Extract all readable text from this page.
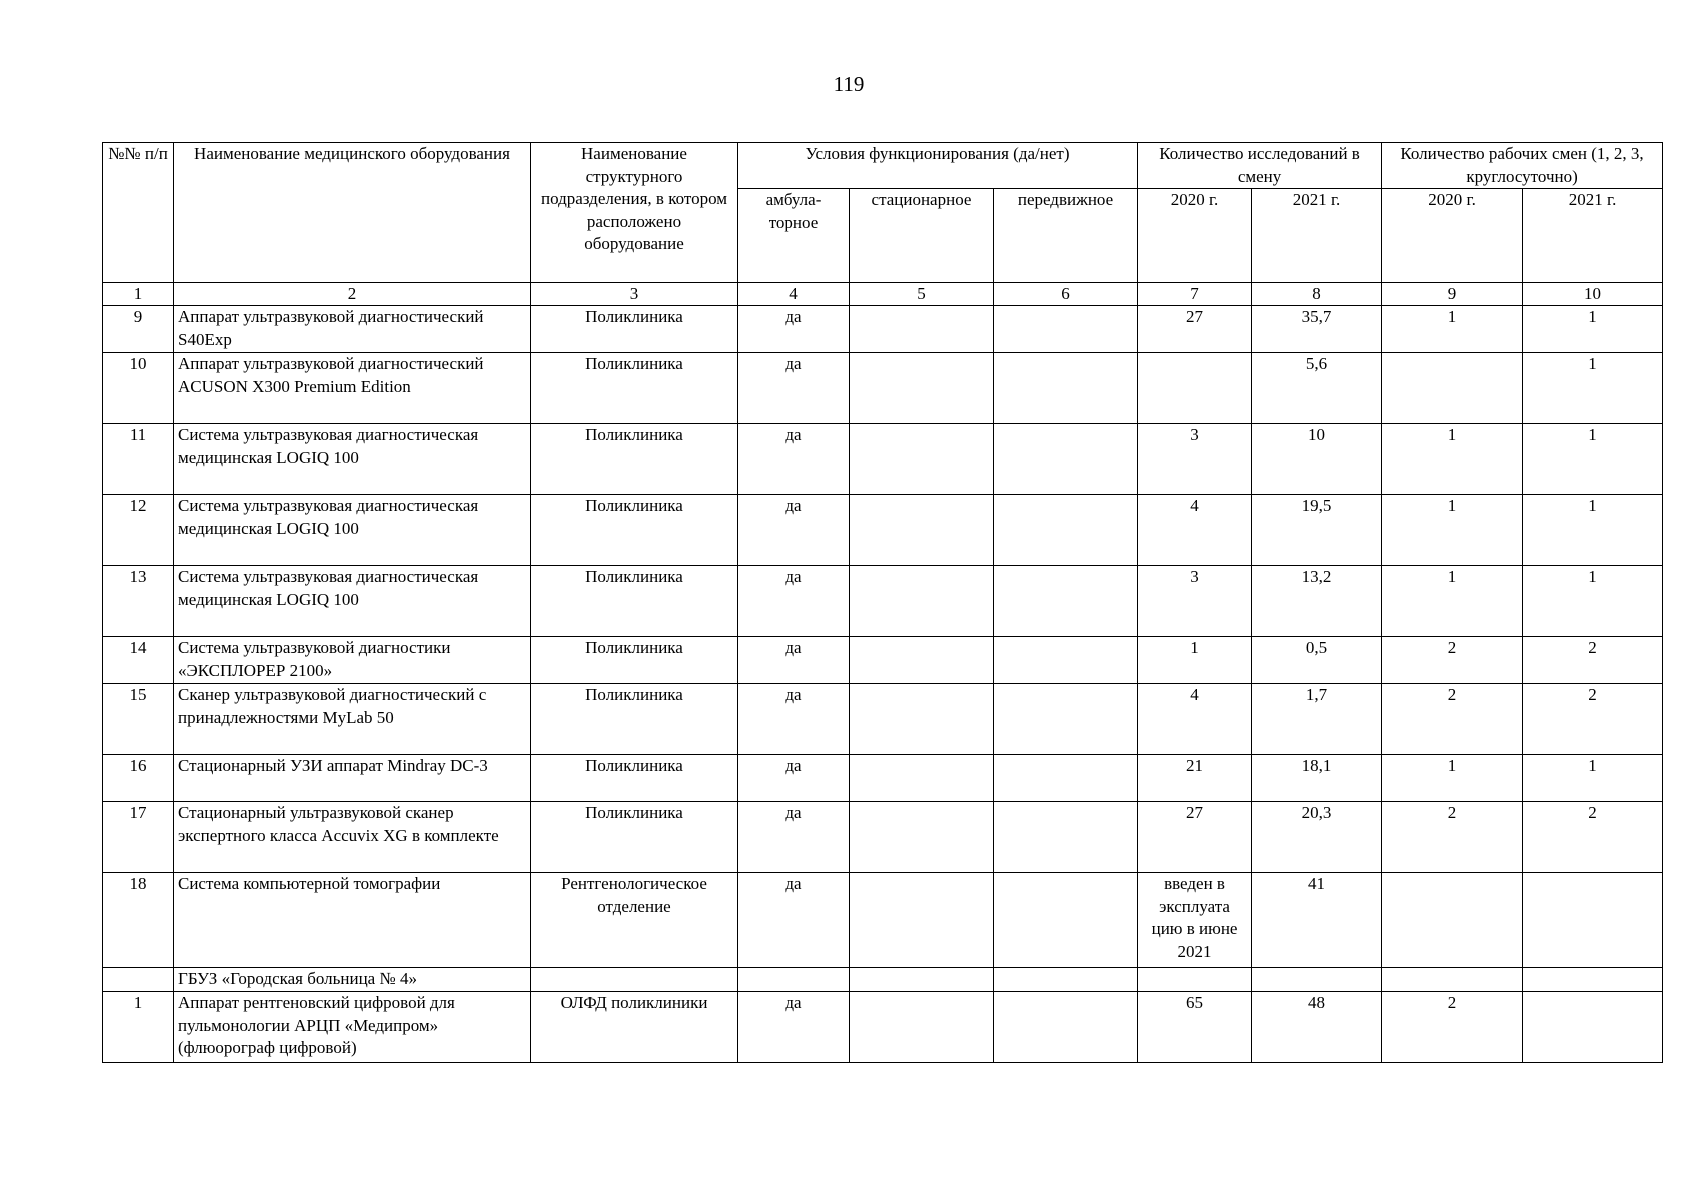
119
№№ п/п	Наименование медицинского оборудования	Наименование структурного подразделения, в котором расположено оборудование	Условия функционирования (да/нет)			Количество исследований в смену		Количество рабочих смен (1, 2, 3, круглосуточно)	
			амбула-торное	стационарное	передвижное	2020 г.	2021 г.	2020 г.	2021 г.
1	2	3	4	5	6	7	8	9	10
9	Аппарат ультразвуковой диагностический S40Exp	Поликлиника	да			27	35,7	1	1
10	Аппарат ультразвуковой диагностический ACUSON X300 Premium Edition	Поликлиника	да				5,6		1
11	Система ультразвуковая диагностическая медицинская LOGIQ 100	Поликлиника	да			3	10	1	1
12	Система ультразвуковая диагностическая медицинская LOGIQ 100	Поликлиника	да			4	19,5	1	1
13	Система ультразвуковая диагностическая медицинская LOGIQ 100	Поликлиника	да			3	13,2	1	1
14	Система ультразвуковой диагностики «ЭКСПЛОРЕР 2100»	Поликлиника	да			1	0,5	2	2
15	Сканер ультразвуковой диагностический с принадлежностями MyLab 50	Поликлиника	да			4	1,7	2	2
16	Стационарный УЗИ аппарат Mindray DC-3	Поликлиника	да			21	18,1	1	1
17	Стационарный ультразвуковой сканер экспертного класса Accuvix XG в комплекте	Поликлиника	да			27	20,3	2	2
18	Система компьютерной томографии	Рентгенологическое отделение	да			введен в эксплуата цию в июне 2021	41		
	ГБУЗ «Городская больница № 4»								
1	Аппарат рентгеновский цифровой для пульмонологии АРЦП «Медипром» (флюорограф цифровой)	ОЛФД поликлиники	да			65	48	2	
